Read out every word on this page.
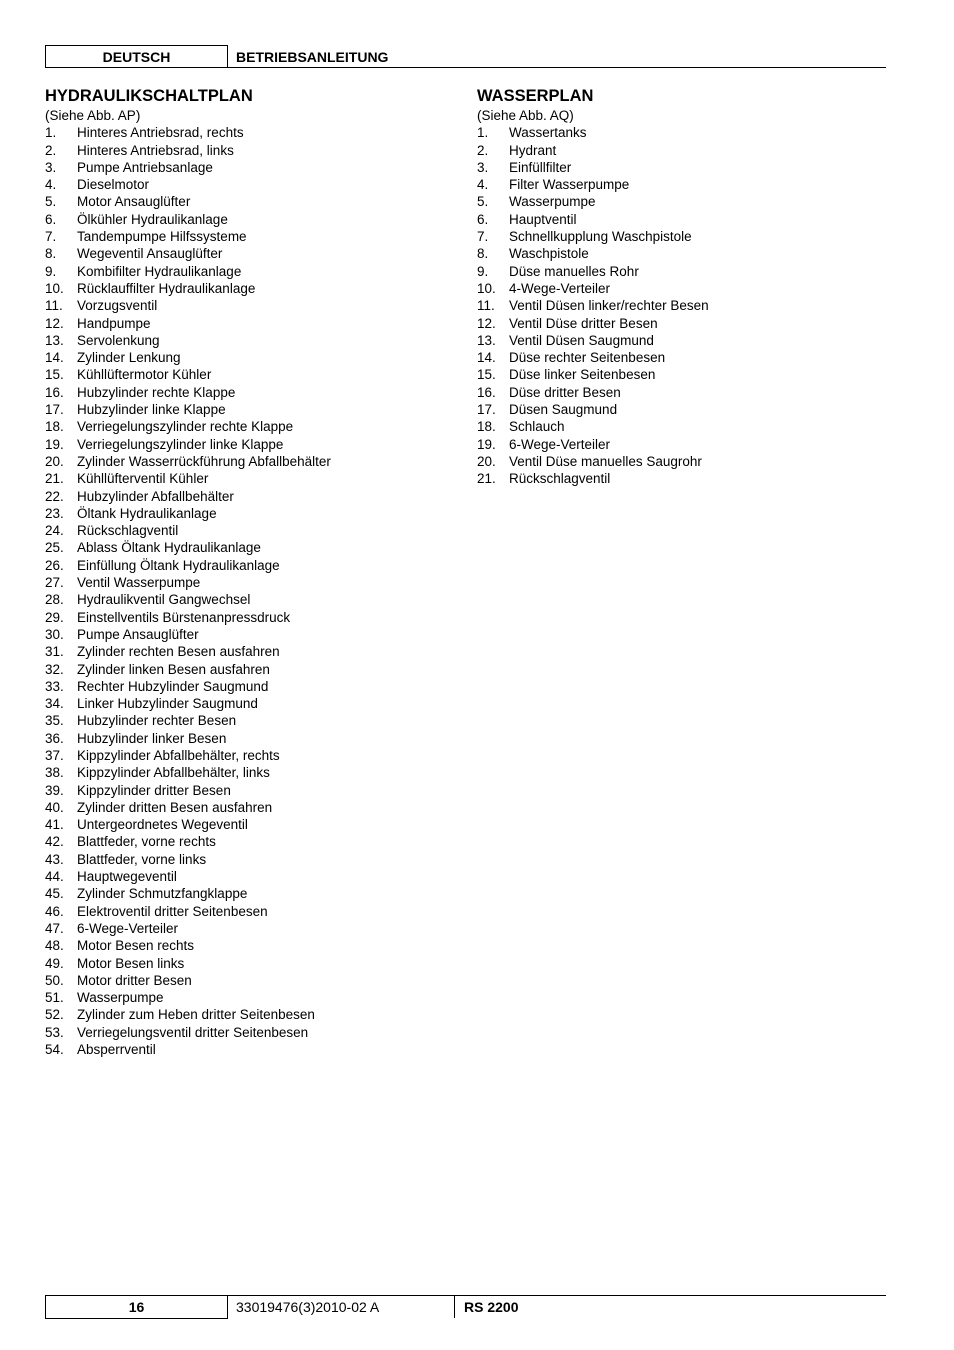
DEUTSCH	BETRIEBSANLEITUNG
HYDRAULIKSCHALTPLAN
(Siehe Abb. AP)
1.	Hinteres Antriebsrad, rechts
2.	Hinteres Antriebsrad, links
3.	Pumpe Antriebsanlage
4.	Dieselmotor
5.	Motor Ansauglüfter
6.	Ölkühler Hydraulikanlage
7.	Tandempumpe Hilfssysteme
8.	Wegeventil Ansauglüfter
9.	Kombifilter Hydraulikanlage
10. Rücklauffilter Hydraulikanlage
11.	Vorzugsventil
12. Handpumpe
13. Servolenkung
14. Zylinder Lenkung
15. Kühllüftermotor Kühler
16. Hubzylinder rechte Klappe
17. Hubzylinder linke Klappe
18. Verriegelungszylinder rechte Klappe
19. Verriegelungszylinder linke Klappe
20. Zylinder Wasserrückführung Abfallbehälter
21. Kühllüfterventil Kühler
22. Hubzylinder Abfallbehälter
23. Öltank Hydraulikanlage
24. Rückschlagventil
25. Ablass Öltank Hydraulikanlage
26. Einfüllung Öltank Hydraulikanlage
27. Ventil Wasserpumpe
28. Hydraulikventil Gangwechsel
29. Einstellventils Bürstenanpressdruck
30. Pumpe Ansauglüfter
31. Zylinder rechten Besen ausfahren
32. Zylinder linken Besen ausfahren
33. Rechter Hubzylinder Saugmund
34. Linker Hubzylinder Saugmund
35. Hubzylinder rechter Besen
36. Hubzylinder linker Besen
37. Kippzylinder Abfallbehälter, rechts
38. Kippzylinder Abfallbehälter, links
39. Kippzylinder dritter Besen
40. Zylinder dritten Besen ausfahren
41. Untergeordnetes Wegeventil
42. Blattfeder, vorne rechts
43. Blattfeder, vorne links
44. Hauptwegeventil
45. Zylinder Schmutzfangklappe
46. Elektroventil dritter Seitenbesen
47. 6-Wege-Verteiler
48. Motor Besen rechts
49. Motor Besen links
50. Motor dritter Besen
51. Wasserpumpe
52. Zylinder zum Heben dritter Seitenbesen
53. Verriegelungsventil dritter Seitenbesen
54. Absperrventil
WASSERPLAN
(Siehe Abb. AQ)
1.	Wassertanks
2.	Hydrant
3.	Einfüllfilter
4.	Filter Wasserpumpe
5.	Wasserpumpe
6.	Hauptventil
7.	Schnellkupplung Waschpistole
8.	Waschpistole
9.	Düse manuelles Rohr
10. 4-Wege-Verteiler
11.	Ventil Düsen linker/rechter Besen
12. Ventil Düse dritter Besen
13. Ventil Düsen Saugmund
14. Düse rechter Seitenbesen
15. Düse linker Seitenbesen
16. Düse dritter Besen
17. Düsen Saugmund
18. Schlauch
19. 6-Wege-Verteiler
20. Ventil Düse manuelles Saugrohr
21. Rückschlagventil
16	33019476(3)2010-02 A	RS 2200
